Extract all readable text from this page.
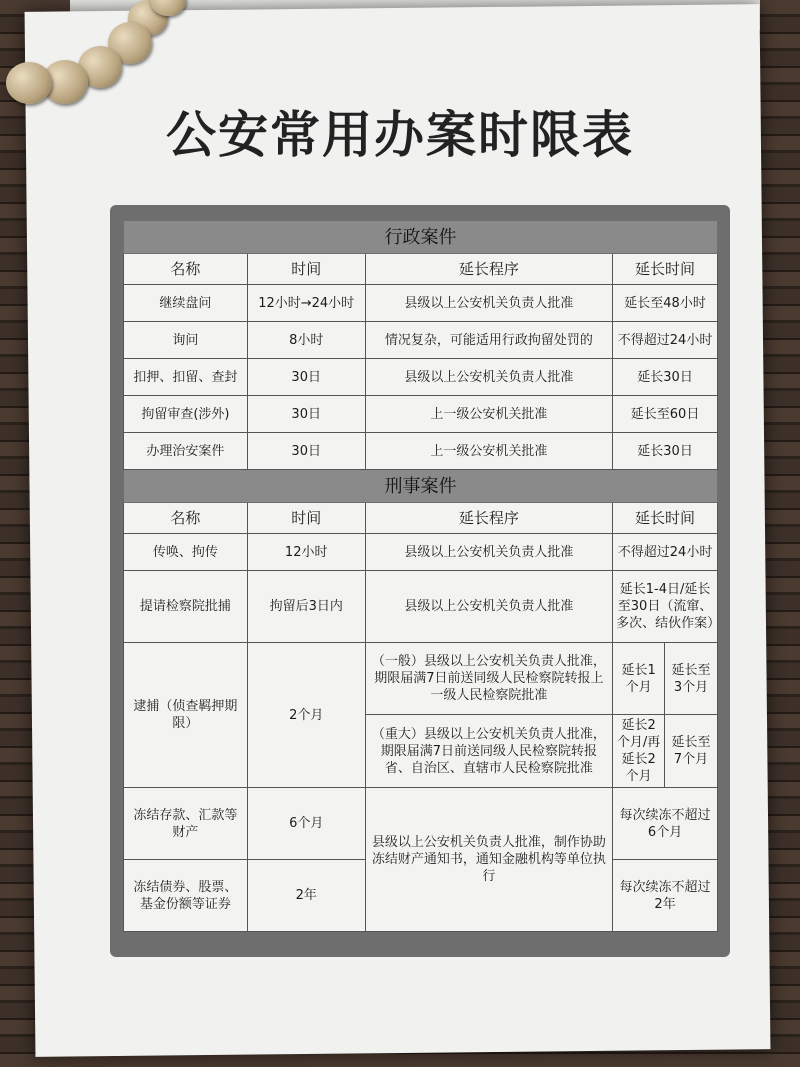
公安常用办案时限表
行政案件				
名称	时间	延长程序	延长时间	
继续盘问	12小时→24小时	县级以上公安机关负责人批准	延长至48小时	
询问	8小时	情况复杂，可能适用行政拘留处罚的	不得超过24小时	
扣押、扣留、查封	30日	县级以上公安机关负责人批准	延长30日	
拘留审查(涉外)	30日	上一级公安机关批准	延长至60日	
办理治安案件	30日	上一级公安机关批准	延长30日	
刑事案件				
名称	时间	延长程序	延长时间	
传唤、拘传	12小时	县级以上公安机关负责人批准	不得超过24小时	
提请检察院批捕	拘留后3日内	县级以上公安机关负责人批准	延长1-4日/延长至30日（流窜、多次、结伙作案）	
逮捕（侦查羁押期限）	2个月	（一般）县级以上公安机关负责人批准，期限届满7日前送同级人民检察院转报上一级人民检察院批准	延长1个月	延长至3个月
		（重大）县级以上公安机关负责人批准，期限届满7日前送同级人民检察院转报省、自治区、直辖市人民检察院批准	延长2个月/再延长2个月	延长至7个月
冻结存款、汇款等财产	6个月	县级以上公安机关负责人批准，制作协助冻结财产通知书，通知金融机构等单位执行	每次续冻不超过6个月	
冻结债券、股票、基金份额等证券	2年		每次续冻不超过2年	
